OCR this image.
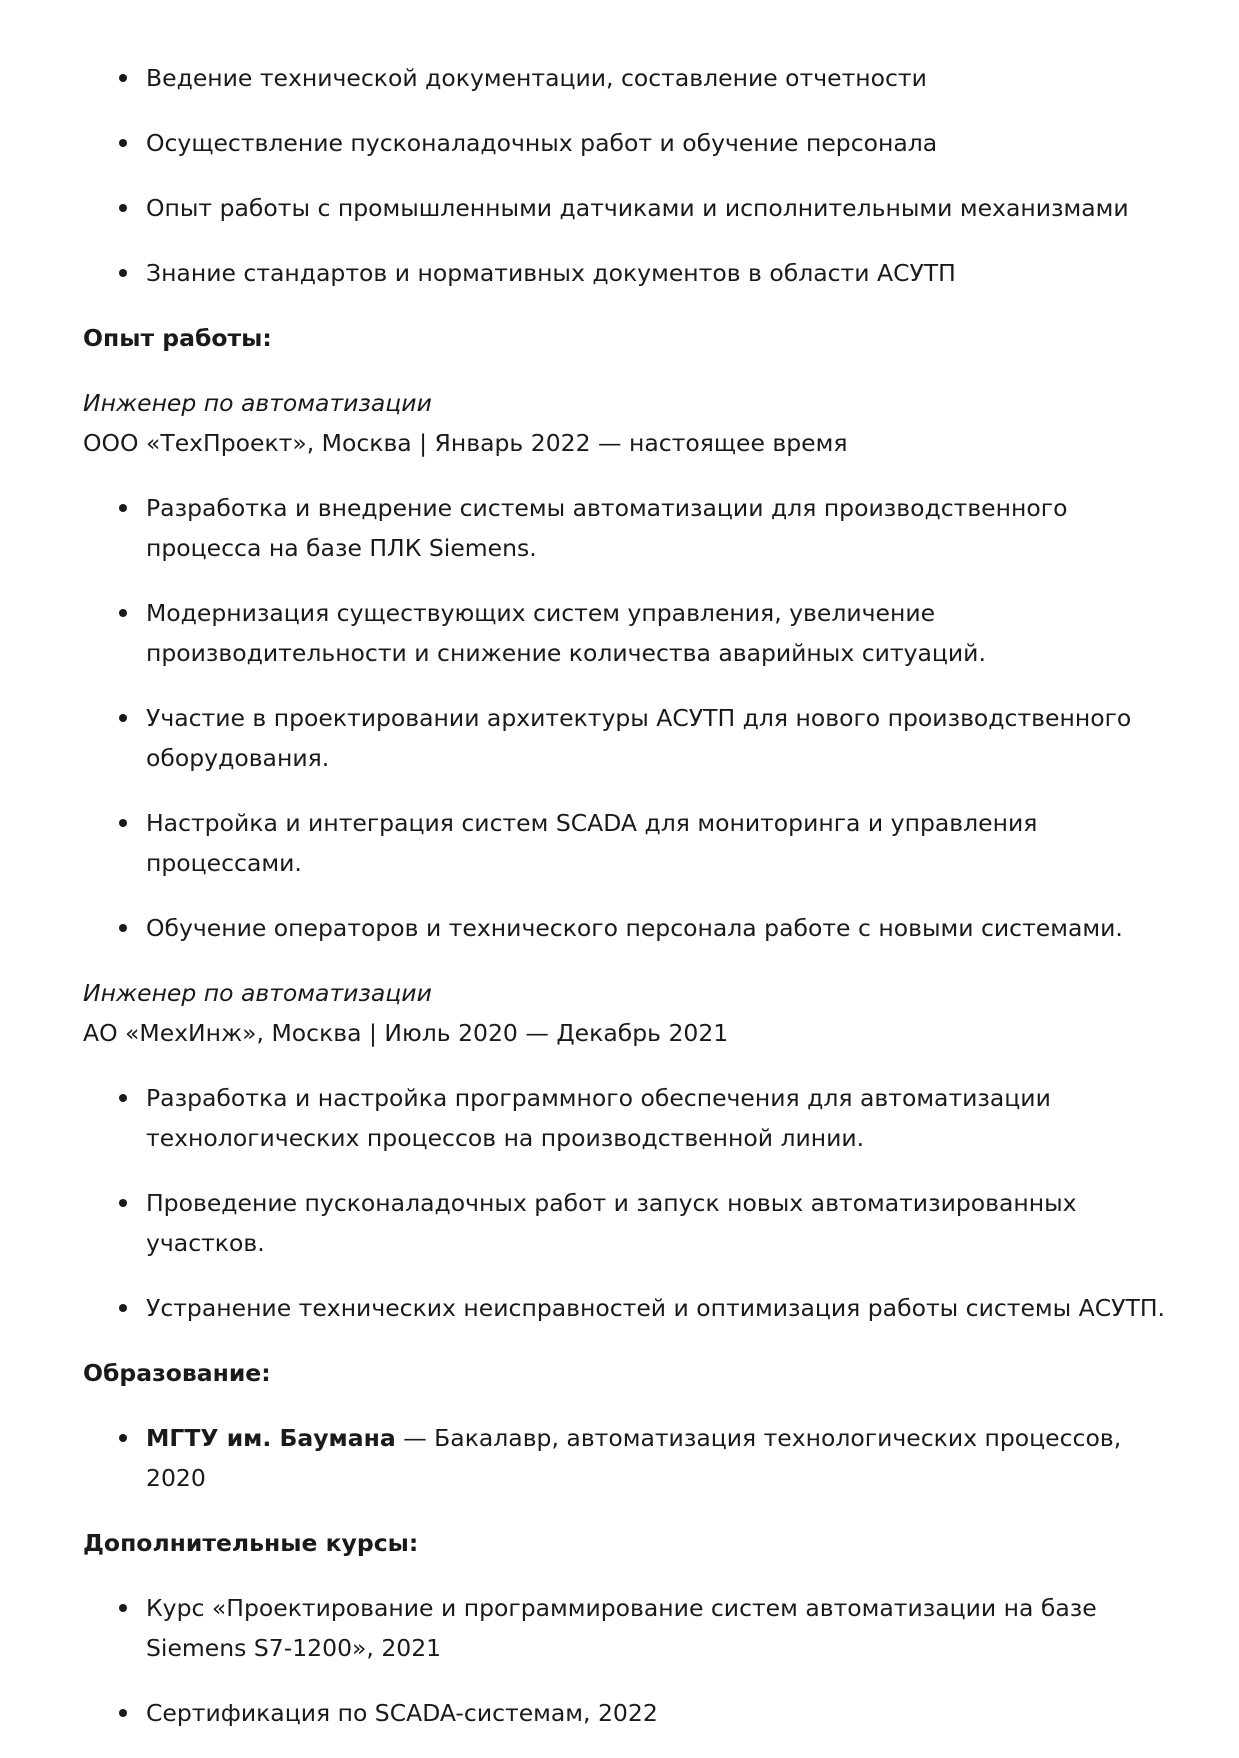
Ведение технической документации, составление отчетности
Осуществление пусконаладочных работ и обучение персонала
Опыт работы с промышленными датчиками и исполнительными механизмами
Знание стандартов и нормативных документов в области АСУТП
Опыт работы:
Инженер по автоматизации
ООО «ТехПроект», Москва | Январь 2022 — настоящее время
Разработка и внедрение системы автоматизации для производственного процесса на базе ПЛК Siemens.
Модернизация существующих систем управления, увеличение производительности и снижение количества аварийных ситуаций.
Участие в проектировании архитектуры АСУТП для нового производственного оборудования.
Настройка и интеграция систем SCADA для мониторинга и управления процессами.
Обучение операторов и технического персонала работе с новыми системами.
Инженер по автоматизации
АО «МехИнж», Москва | Июль 2020 — Декабрь 2021
Разработка и настройка программного обеспечения для автоматизации технологических процессов на производственной линии.
Проведение пусконаладочных работ и запуск новых автоматизированных участков.
Устранение технических неисправностей и оптимизация работы системы АСУТП.
Образование:
МГТУ им. Баумана — Бакалавр, автоматизация технологических процессов, 2020
Дополнительные курсы:
Курс «Проектирование и программирование систем автоматизации на базе Siemens S7-1200», 2021
Сертификация по SCADA-системам, 2022
